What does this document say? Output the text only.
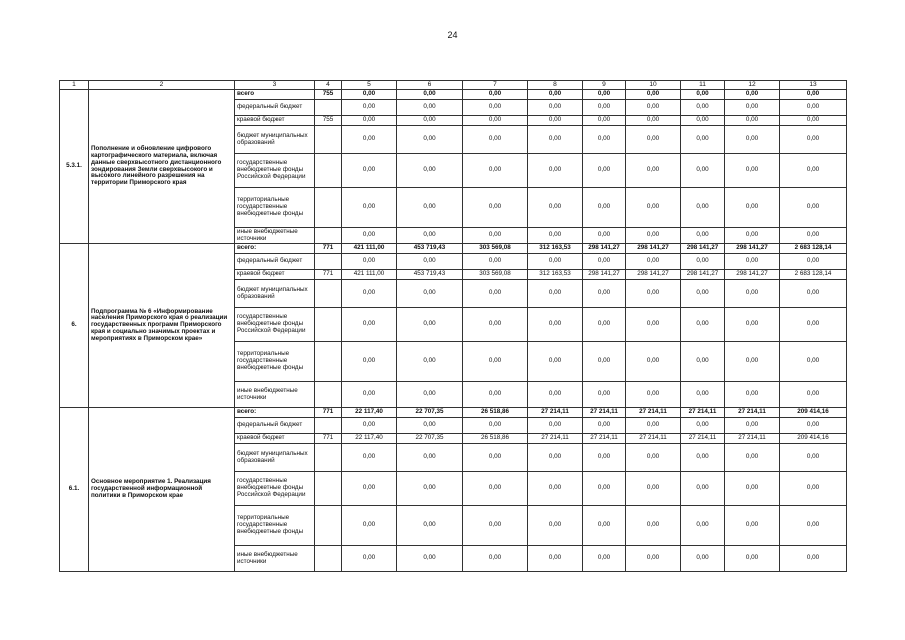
24
1	2	3	4	5	6	7	8	9	10	11	12	13
5.3.1.	Пополнение и обновление цифрового картографического материала, включая данные сверхвысотного дистанционного зондирования Земли сверхвысокого и высокого линейного разрешения на территории Приморского края	всего	755	0,00	0,00	0,00	0,00	0,00	0,00	0,00	0,00	0,00
		федеральный бюджет		0,00	0,00	0,00	0,00	0,00	0,00	0,00	0,00	0,00
		краевой бюджет	755	0,00	0,00	0,00	0,00	0,00	0,00	0,00	0,00	0,00
		бюджет муниципальных образований		0,00	0,00	0,00	0,00	0,00	0,00	0,00	0,00	0,00
		государственные внебюджетные фонды Российской Федерации		0,00	0,00	0,00	0,00	0,00	0,00	0,00	0,00	0,00
		территориальные государственные внебюджетные фонды		0,00	0,00	0,00	0,00	0,00	0,00	0,00	0,00	0,00
		иные внебюджетные источники		0,00	0,00	0,00	0,00	0,00	0,00	0,00	0,00	0,00
6.	Подпрограмма № 6 «Информирование населения Приморского края о реализации государственных программ Приморского края и социально значимых проектах и мероприятиях в Приморском крае»	всего:	771	421 111,00	453 719,43	303 569,08	312 163,53	298 141,27	298 141,27	298 141,27	298 141,27	2 683 128,14
		федеральный бюджет		0,00	0,00	0,00	0,00	0,00	0,00	0,00	0,00	0,00
		краевой бюджет	771	421 111,00	453 719,43	303 569,08	312 163,53	298 141,27	298 141,27	298 141,27	298 141,27	2 683 128,14
		бюджет муниципальных образований		0,00	0,00	0,00	0,00	0,00	0,00	0,00	0,00	0,00
		государственные внебюджетные фонды Российской Федерации		0,00	0,00	0,00	0,00	0,00	0,00	0,00	0,00	0,00
		территориальные государственные внебюджетные фонды		0,00	0,00	0,00	0,00	0,00	0,00	0,00	0,00	0,00
		иные внебюджетные источники		0,00	0,00	0,00	0,00	0,00	0,00	0,00	0,00	0,00
6.1.	Основное мероприятие 1. Реализация государственной информационной политики в Приморском крае	всего:	771	22 117,40	22 707,35	26 518,86	27 214,11	27 214,11	27 214,11	27 214,11	27 214,11	209 414,16
		федеральный бюджет		0,00	0,00	0,00	0,00	0,00	0,00	0,00	0,00	0,00
		краевой бюджет	771	22 117,40	22 707,35	26 518,86	27 214,11	27 214,11	27 214,11	27 214,11	27 214,11	209 414,16
		бюджет муниципальных образований		0,00	0,00	0,00	0,00	0,00	0,00	0,00	0,00	0,00
		государственные внебюджетные фонды Российской Федерации		0,00	0,00	0,00	0,00	0,00	0,00	0,00	0,00	0,00
		территориальные государственные внебюджетные фонды		0,00	0,00	0,00	0,00	0,00	0,00	0,00	0,00	0,00
		иные внебюджетные источники		0,00	0,00	0,00	0,00	0,00	0,00	0,00	0,00	0,00
